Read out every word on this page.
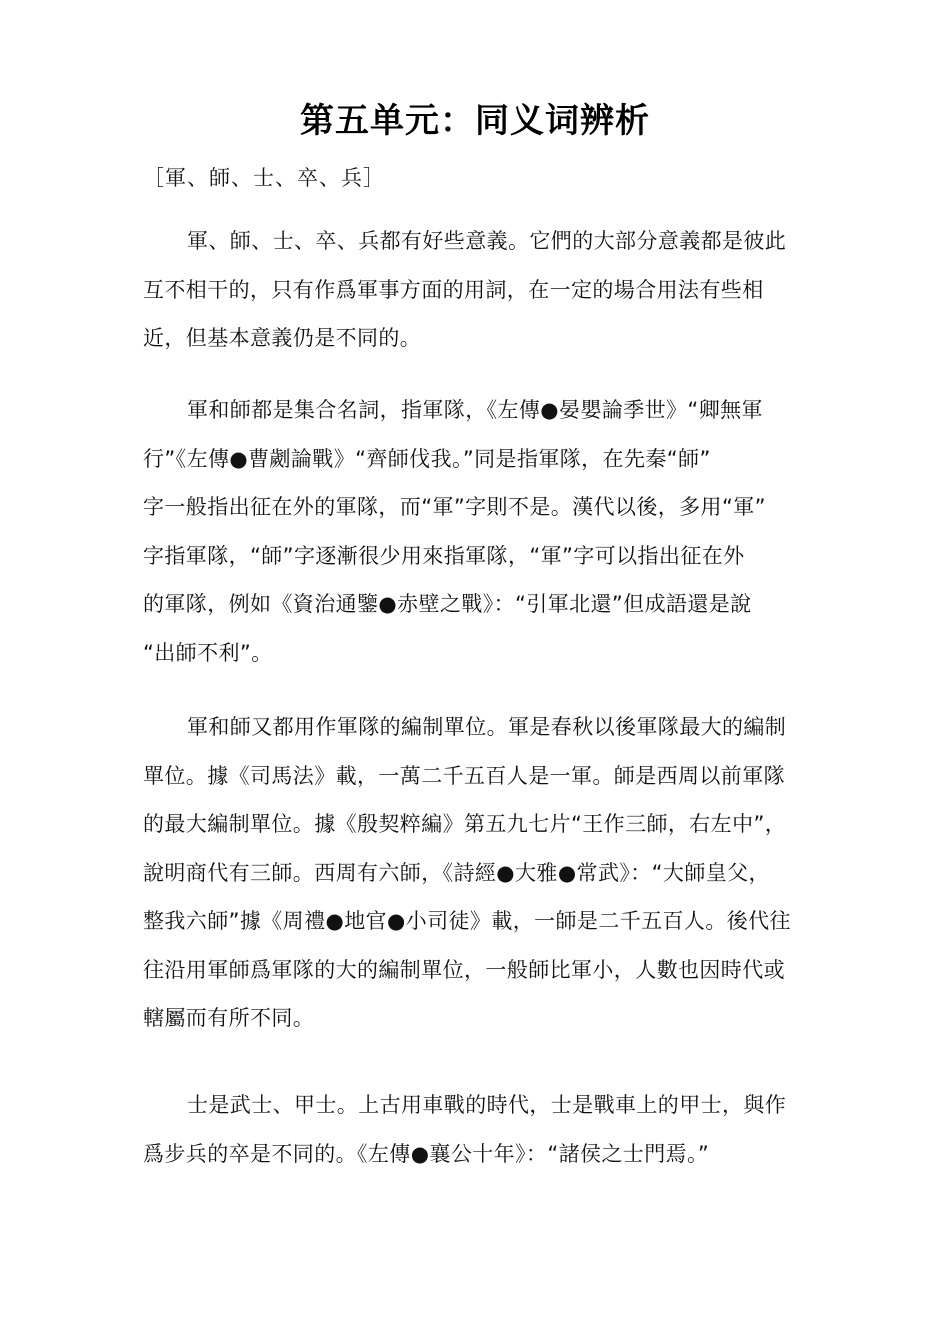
第五单元：同义词辨析
［軍、師、士、卒、兵］
軍、師、士、卒、兵都有好些意義。它們的大部分意義都是彼此
互不相干的，只有作爲軍事方面的用詞，在一定的場合用法有些相
近，但基本意義仍是不同的。
軍和師都是集合名詞，指軍隊，《左傳●晏嬰論季世》“卿無軍
行”《左傳●曹劌論戰》“齊師伐我。”同是指軍隊，在先秦“師”
字一般指出征在外的軍隊，而“軍”字則不是。漢代以後，多用“軍”
字指軍隊，“師”字逐漸很少用來指軍隊，“軍”字可以指出征在外
的軍隊，例如《資治通鑒●赤壁之戰》：“引軍北還”但成語還是說
“出師不利”。
軍和師又都用作軍隊的編制單位。軍是春秋以後軍隊最大的編制
單位。據《司馬法》載，一萬二千五百人是一軍。師是西周以前軍隊
的最大編制單位。據《殷契粹編》第五九七片“王作三師，右左中”，
說明商代有三師。西周有六師，《詩經●大雅●常武》：“大師皇父，
整我六師”據《周禮●地官●小司徒》載，一師是二千五百人。後代往
往沿用軍師爲軍隊的大的編制單位，一般師比軍小，人數也因時代或
轄屬而有所不同。
士是武士、甲士。上古用車戰的時代，士是戰車上的甲士，與作
爲步兵的卒是不同的。《左傳●襄公十年》：“諸侯之士門焉。”
